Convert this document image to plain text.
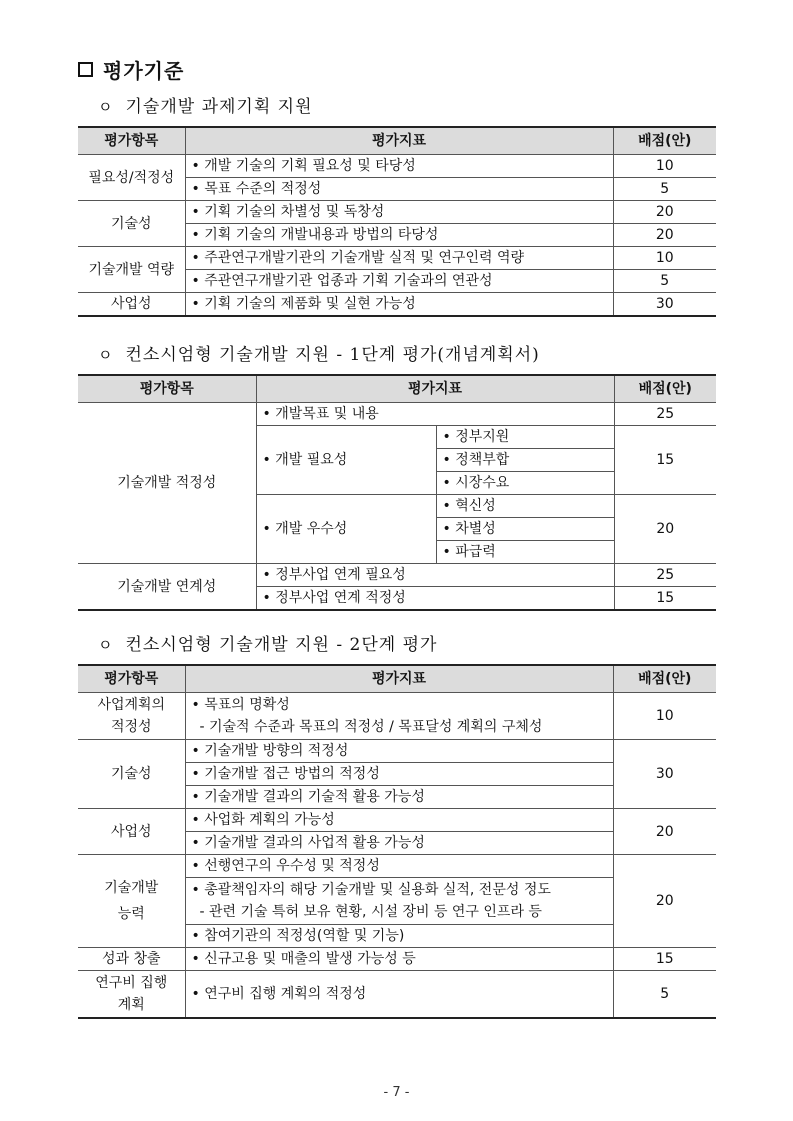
평가기준
ㅇ 기술개발 과제기획 지원
평가항목	평가지표	배점(안)
필요성/적정성	• 개발 기술의 기획 필요성 및 타당성	10
	• 목표 수준의 적정성	5
기술성	• 기획 기술의 차별성 및 독창성	20
	• 기획 기술의 개발내용과 방법의 타당성	20
기술개발 역량	• 주관연구개발기관의 기술개발 실적 및 연구인력 역량	10
	• 주관연구개발기관 업종과 기획 기술과의 연관성	5
사업성	• 기획 기술의 제품화 및 실현 가능성	30
ㅇ 컨소시엄형 기술개발 지원 - 1단계 평가(개념계획서)
평가항목	평가지표		배점(안)
기술개발 적정성	• 개발목표 및 내용		25
	• 개발 필요성	• 정부지원	15
		• 정책부합	
		• 시장수요	
	• 개발 우수성	• 혁신성	20
		• 차별성	
		• 파급력	
기술개발 연계성	• 정부사업 연계 필요성		25
	• 정부사업 연계 적정성		15
ㅇ 컨소시엄형 기술개발 지원 - 2단계 평가
평가항목	평가지표	배점(안)
사업계획의
적정성	• 목표의 명확성
- 기술적 수준과 목표의 적정성 / 목표달성 계획의 구체성	10
기술성	• 기술개발 방향의 적정성	30
	• 기술개발 접근 방법의 적정성	
	• 기술개발 결과의 기술적 활용 가능성	
사업성	• 사업화 계획의 가능성	20
	• 기술개발 결과의 사업적 활용 가능성	
기술개발
능력	• 선행연구의 우수성 및 적정성	20
	• 총괄책임자의 해당 기술개발 및 실용화 실적, 전문성 정도
- 관련 기술 특허 보유 현황, 시설 장비 등 연구 인프라 등	
	• 참여기관의 적정성(역할 및 기능)	
성과 창출	• 신규고용 및 매출의 발생 가능성 등	15
연구비 집행
계획	• 연구비 집행 계획의 적정성	5
- 7 -
